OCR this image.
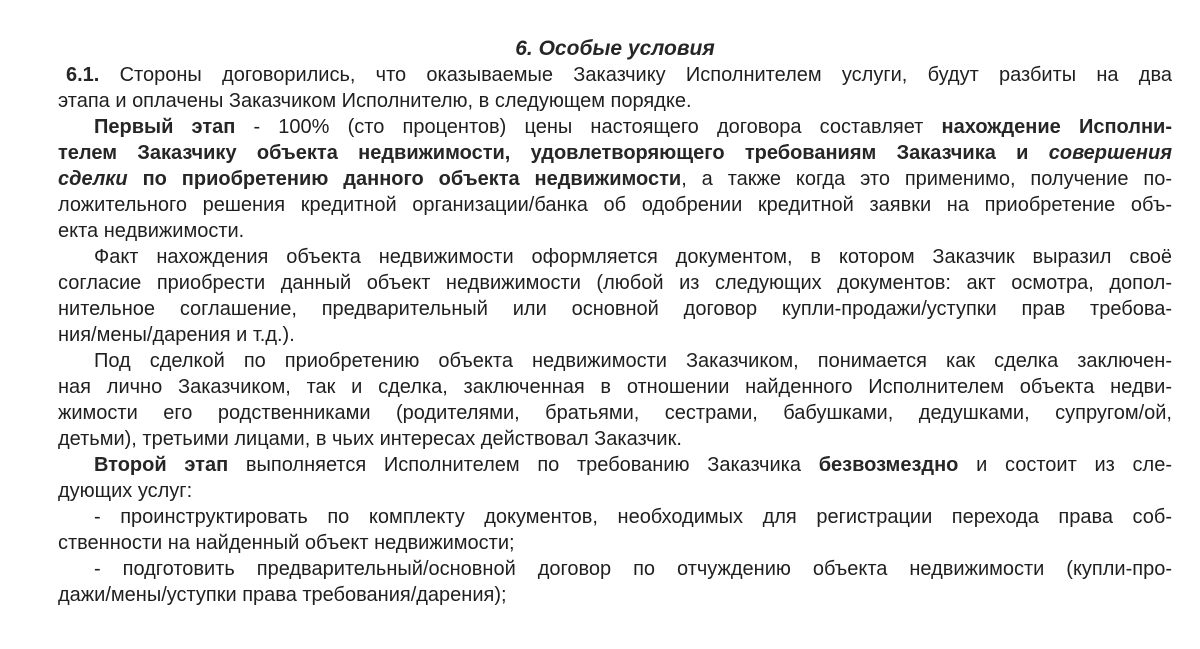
6. Особые условия
6.1. Стороны договорились, что оказываемые Заказчику Исполнителем услуги, будут разбиты на два
этапа и оплачены Заказчиком Исполнителю, в следующем порядке.
Первый этап - 100% (сто процентов) цены настоящего договора составляет нахождение Исполни-
телем Заказчику объекта недвижимости, удовлетворяющего требованиям Заказчика и совершения
сделки по приобретению данного объекта недвижимости, а также когда это применимо, получение по-
ложительного решения кредитной организации/банка об одобрении кредитной заявки на приобретение объ-
екта недвижимости.
Факт нахождения объекта недвижимости оформляется документом, в котором Заказчик выразил своё
согласие приобрести данный объект недвижимости (любой из следующих документов: акт осмотра, допол-
нительное соглашение, предварительный или основной договор купли-продажи/уступки прав требова-
ния/мены/дарения и т.д.).
Под сделкой по приобретению объекта недвижимости Заказчиком, понимается как сделка заключен-
ная лично Заказчиком, так и сделка, заключенная в отношении найденного Исполнителем объекта недви-
жимости его родственниками (родителями, братьями, сестрами, бабушками, дедушками, супругом/ой,
детьми), третьими лицами, в чьих интересах действовал Заказчик.
Второй этап выполняется Исполнителем по требованию Заказчика безвозмездно и состоит из сле-
дующих услуг:
- проинструктировать по комплекту документов, необходимых для регистрации перехода права соб-
ственности на найденный объект недвижимости;
- подготовить предварительный/основной договор по отчуждению объекта недвижимости (купли-про-
дажи/мены/уступки права требования/дарения);
